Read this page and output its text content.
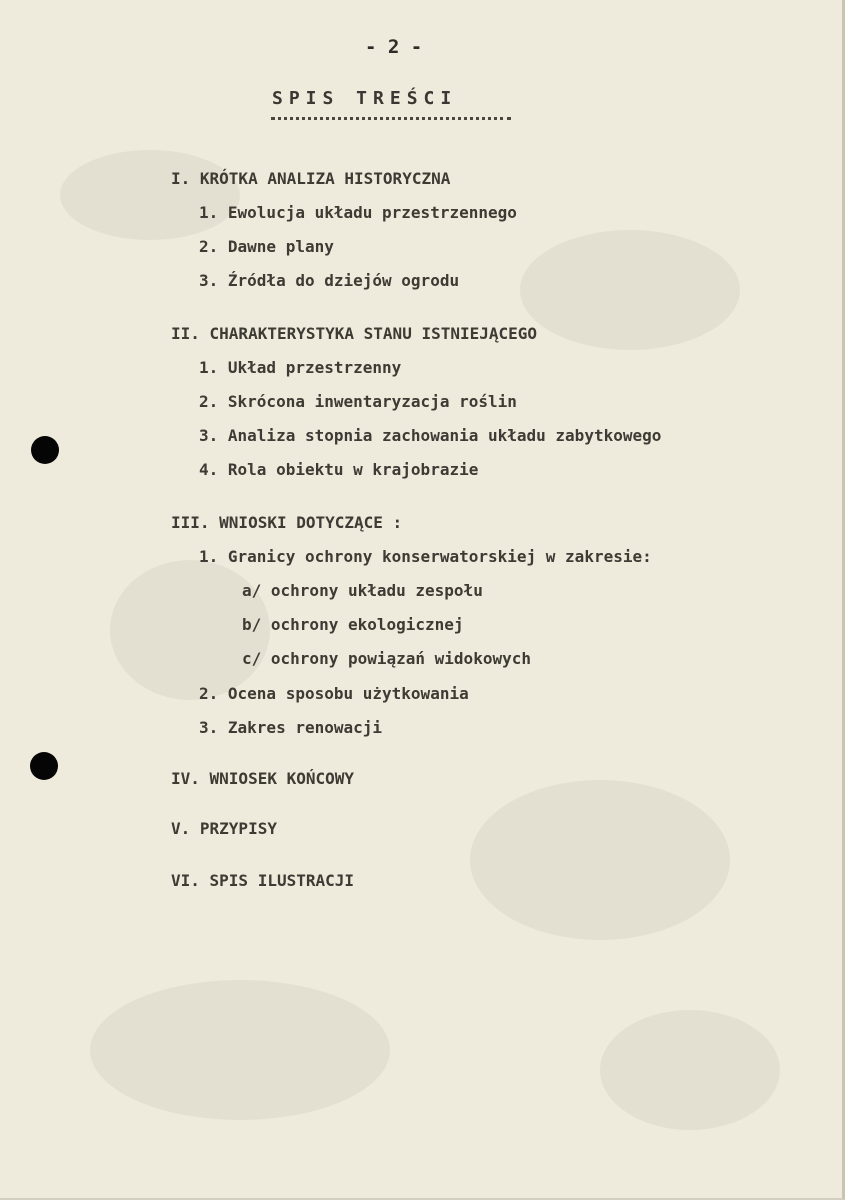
- 2 -
SPIS TREŚCI
I. KRÓTKA ANALIZA HISTORYCZNA
1. Ewolucja układu przestrzennego
2. Dawne plany
3. Źródła do dziejów ogrodu
II. CHARAKTERYSTYKA STANU ISTNIEJĄCEGO
1. Układ przestrzenny
2. Skrócona inwentaryzacja roślin
3. Analiza stopnia zachowania układu zabytkowego
4. Rola obiektu w krajobrazie
III. WNIOSKI DOTYCZĄCE :
1. Granicy ochrony konserwatorskiej w zakresie:
a/ ochrony układu zespołu
b/ ochrony ekologicznej
c/ ochrony powiązań widokowych
2. Ocena sposobu użytkowania
3. Zakres renowacji
IV. WNIOSEK KOŃCOWY
V. PRZYPISY
VI. SPIS ILUSTRACJI
